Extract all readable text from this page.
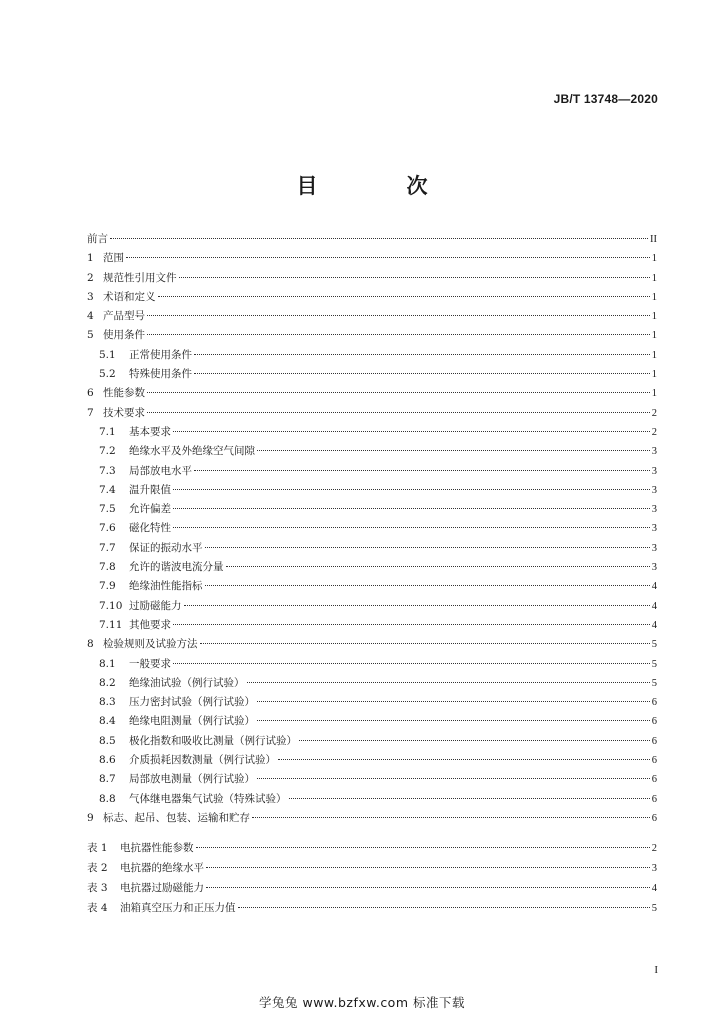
JB/T 13748—2020
目　次
前言	II
1 范围	1
2 规范性引用文件	1
3 术语和定义	1
4 产品型号	1
5 使用条件	1
5.1	正常使用条件	1
5.2	特殊使用条件	1
6 性能参数	1
7 技术要求	2
7.1	基本要求	2
7.2	绝缘水平及外绝缘空气间隙	3
7.3	局部放电水平	3
7.4	温升限值	3
7.5	允许偏差	3
7.6	磁化特性	3
7.7	保证的振动水平	3
7.8	允许的谐波电流分量	3
7.9	绝缘油性能指标	4
7.10 过励磁能力	4
7.11 其他要求	4
8 检验规则及试验方法	5
8.1	一般要求	5
8.2	绝缘油试验（例行试验）	5
8.3	压力密封试验（例行试验）	6
8.4	绝缘电阻测量（例行试验）	6
8.5	极化指数和吸收比测量（例行试验）	6
8.6	介质损耗因数测量（例行试验）	6
8.7	局部放电测量（例行试验）	6
8.8	气体继电器集气试验（特殊试验）	6
9 标志、起吊、包装、运输和贮存	6
表 1	电抗器性能参数	2
表 2	电抗器的绝缘水平	3
表 3	电抗器过励磁能力	4
表 4	油箱真空压力和正压力值	5
I
学兔兔 www.bzfxw.com 标准下载
